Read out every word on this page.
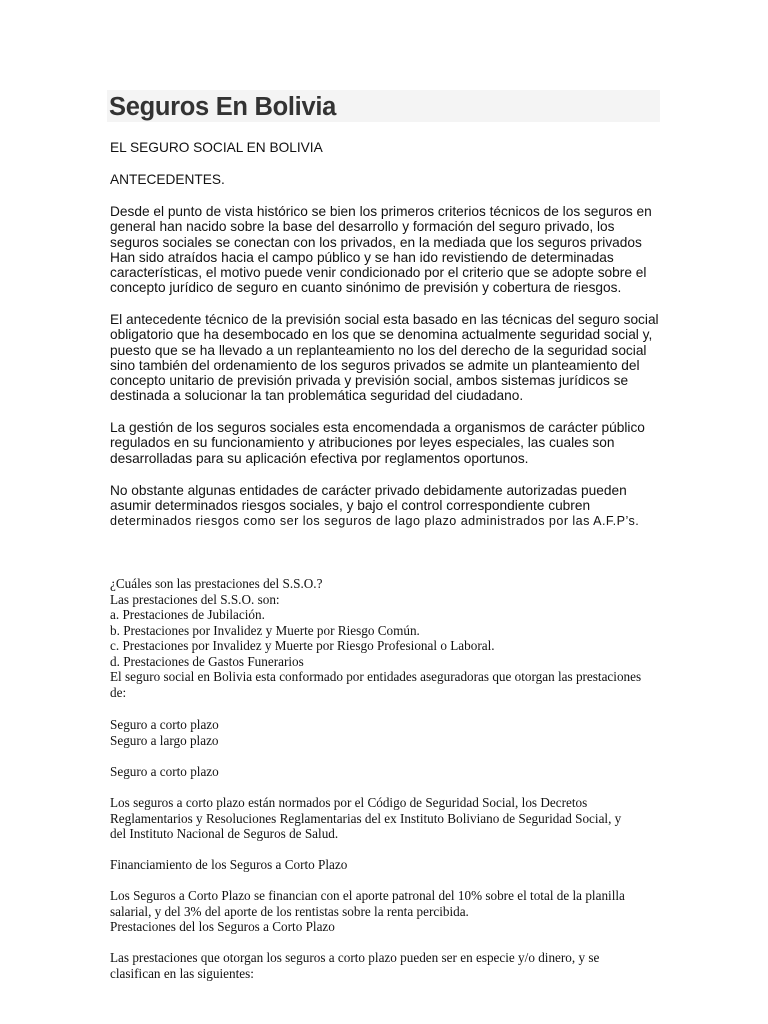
Seguros En Bolivia

EL SEGURO SOCIAL EN BOLIVIA

ANTECEDENTES.

Desde el punto de vista histórico se bien los primeros criterios técnicos de los seguros en
general han nacido sobre la base del desarrollo y formación del seguro privado, los
seguros sociales se conectan con los privados, en la mediada que los seguros privados
Han sido atraídos hacia el campo público y se han ido revistiendo de determinadas
características, el motivo puede venir condicionado por el criterio que se adopte sobre el
concepto jurídico de seguro en cuanto sinónimo de previsión y cobertura de riesgos.
El antecedente técnico de la previsión social esta basado en las técnicas del seguro social
obligatorio que ha desembocado en los que se denomina actualmente seguridad social y,
puesto que se ha llevado a un replanteamiento no los del derecho de la seguridad social
sino también del ordenamiento de los seguros privados se admite un planteamiento del
concepto unitario de previsión privada y previsión social, ambos sistemas jurídicos se
destinada a solucionar la tan problemática seguridad del ciudadano.
La gestión de los seguros sociales esta encomendada a organismos de carácter público
regulados en su funcionamiento y atribuciones por leyes especiales, las cuales son
desarrolladas para su aplicación efectiva por reglamentos oportunos.
No obstante algunas entidades de carácter privado debidamente autorizadas pueden
asumir determinados riesgos sociales, y bajo el control correspondiente cubren
determinados riesgos como ser los seguros de lago plazo administrados por las A.F.P’s.
¿Cuáles son las prestaciones del S.S.O.?
Las prestaciones del S.S.O. son:
a. Prestaciones de Jubilación.
b. Prestaciones por Invalidez y Muerte por Riesgo Común.
c. Prestaciones por Invalidez y Muerte por Riesgo Profesional o Laboral.
d. Prestaciones de Gastos Funerarios
El seguro social en Bolivia esta conformado por entidades aseguradoras que otorgan las prestaciones
de:
Seguro a corto plazo
Seguro a largo plazo

Seguro a corto plazo

Los seguros a corto plazo están normados por el Código de Seguridad Social, los Decretos
Reglamentarios y Resoluciones Reglamentarias del ex Instituto Boliviano de Seguridad Social, y
del Instituto Nacional de Seguros de Salud.

Financiamiento de los Seguros a Corto Plazo

Los Seguros a Corto Plazo se financian con el aporte patronal del 10% sobre el total de la planilla
salarial, y del 3% del aporte de los rentistas sobre la renta percibida.
Prestaciones del los Seguros a Corto Plazo
Las prestaciones que otorgan los seguros a corto plazo pueden ser en especie y/o dinero, y se
clasifican en las siguientes:
